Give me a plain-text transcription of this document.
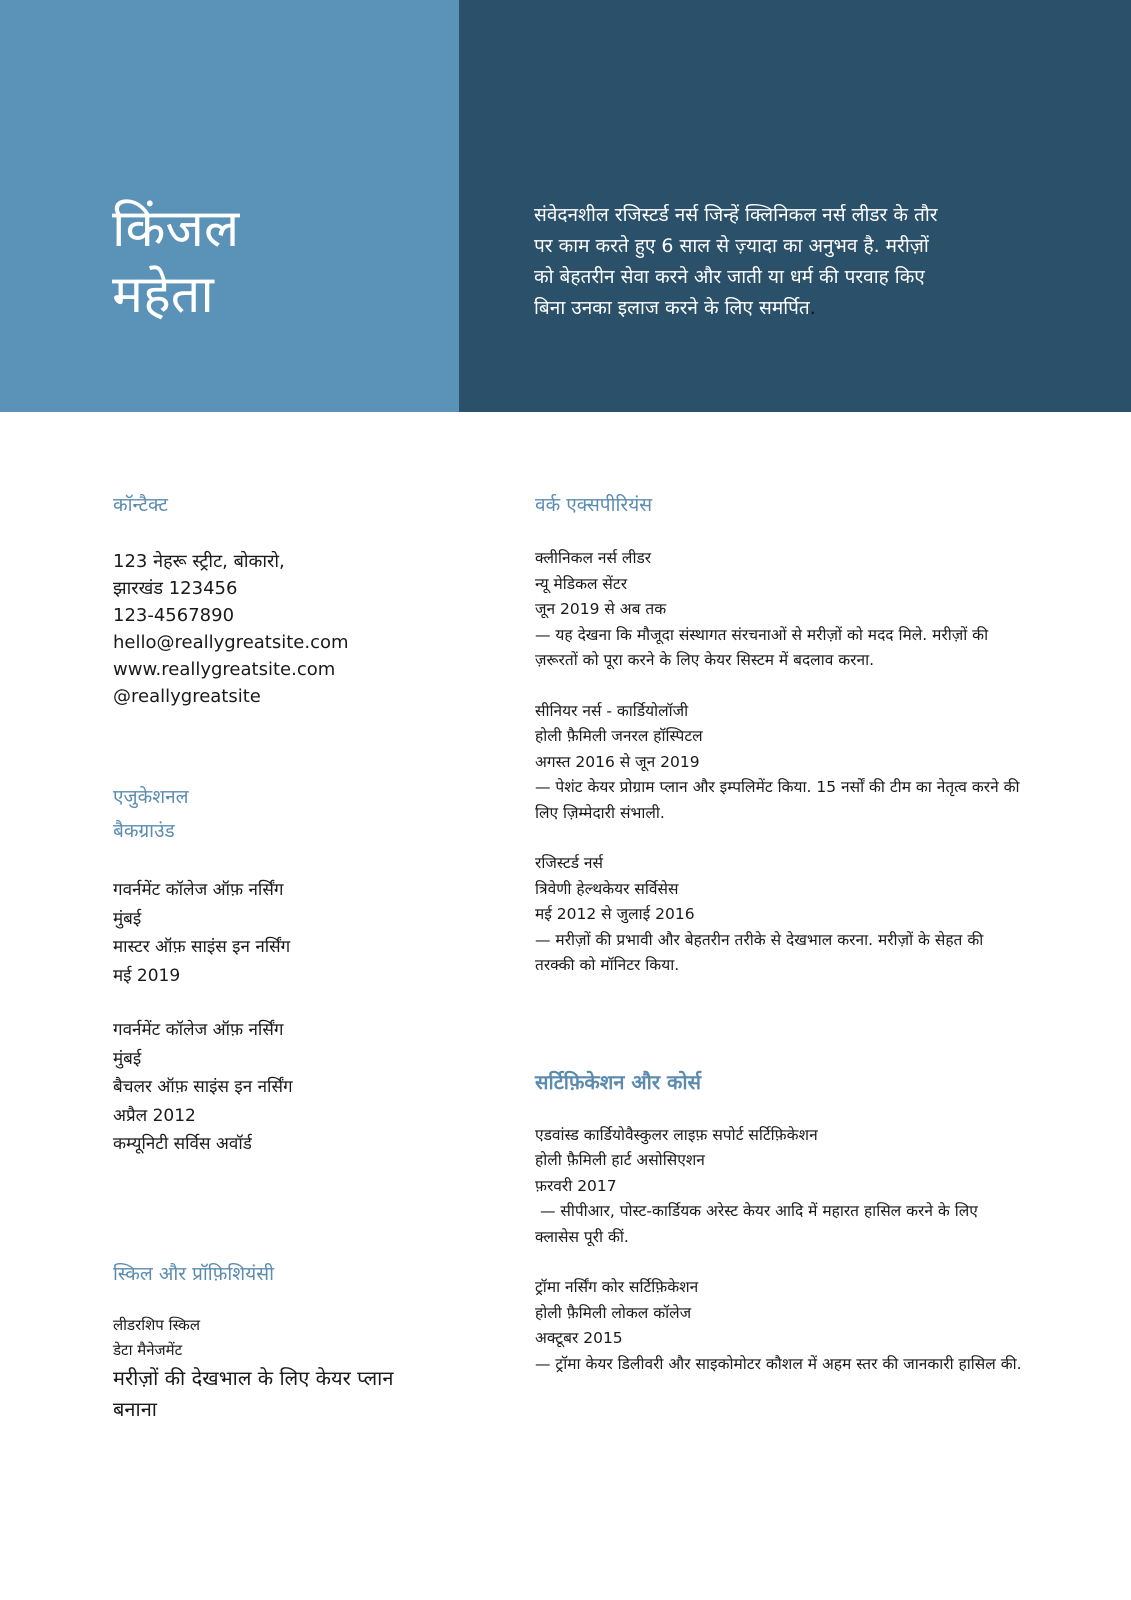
किंजल
महेता

संवेदनशील रजिस्टर्ड नर्स जिन्हें क्लिनिकल नर्स लीडर के तौर पर काम करते हुए 6 साल से ज़्यादा का अनुभव है. मरीज़ों को बेहतरीन सेवा करने और जाती या धर्म की परवाह किए बिना उनका इलाज करने के लिए समर्पित.

कॉन्टैक्ट
123 नेहरू स्ट्रीट, बोकारो,
झारखंड 123456
123-4567890
hello@reallygreatsite.com
www.reallygreatsite.com
@reallygreatsite
एजुकेशनल
बैकग्राउंड
गवर्नमेंट कॉलेज ऑफ़ नर्सिंग
मुंबई
मास्टर ऑफ़ साइंस इन नर्सिंग
मई 2019
गवर्नमेंट कॉलेज ऑफ़ नर्सिंग
मुंबई
बैचलर ऑफ़ साइंस इन नर्सिंग
अप्रैल 2012
कम्यूनिटी सर्विस अवॉर्ड
स्किल और प्रॉफ़िशियंसी
लीडरशिप स्किल
डेटा मैनेजमेंट
मरीज़ों की देखभाल के लिए केयर प्लान बनाना
वर्क एक्सपीरियंस
क्लीनिकल नर्स लीडर
न्यू मेडिकल सेंटर
जून 2019 से अब तक
— यह देखना कि मौजूदा संस्थागत संरचनाओं से मरीज़ों को मदद मिले. मरीज़ों की ज़रूरतों को पूरा करने के लिए केयर सिस्टम में बदलाव करना.
सीनियर नर्स - कार्डियोलॉजी
होली फ़ैमिली जनरल हॉस्पिटल
अगस्त 2016 से जून 2019
— पेशंट केयर प्रोग्राम प्लान और इम्पलिमेंट किया. 15 नर्सों की टीम का नेतृत्व करने की लिए ज़िम्मेदारी संभाली.
रजिस्टर्ड नर्स
त्रिवेणी हेल्थकेयर सर्विसेस
मई 2012 से जुलाई 2016
— मरीज़ों की प्रभावी और बेहतरीन तरीके से देखभाल करना. मरीज़ों के सेहत की तरक्की को मॉनिटर किया.
सर्टिफ़िकेशन और कोर्स
एडवांस्ड कार्डियोवैस्कुलर लाइफ़ सपोर्ट सर्टिफ़िकेशन
होली फ़ैमिली हार्ट असोसिएशन
फ़रवरी 2017
— सीपीआर, पोस्ट-कार्डियक अरेस्ट केयर आदि में महारत हासिल करने के लिए क्लासेस पूरी कीं.
ट्रॉमा नर्सिंग कोर सर्टिफ़िकेशन
होली फ़ैमिली लोकल कॉलेज
अक्टूबर 2015
— ट्रॉमा केयर डिलीवरी और साइकोमोटर कौशल में अहम स्तर की जानकारी हासिल की.
